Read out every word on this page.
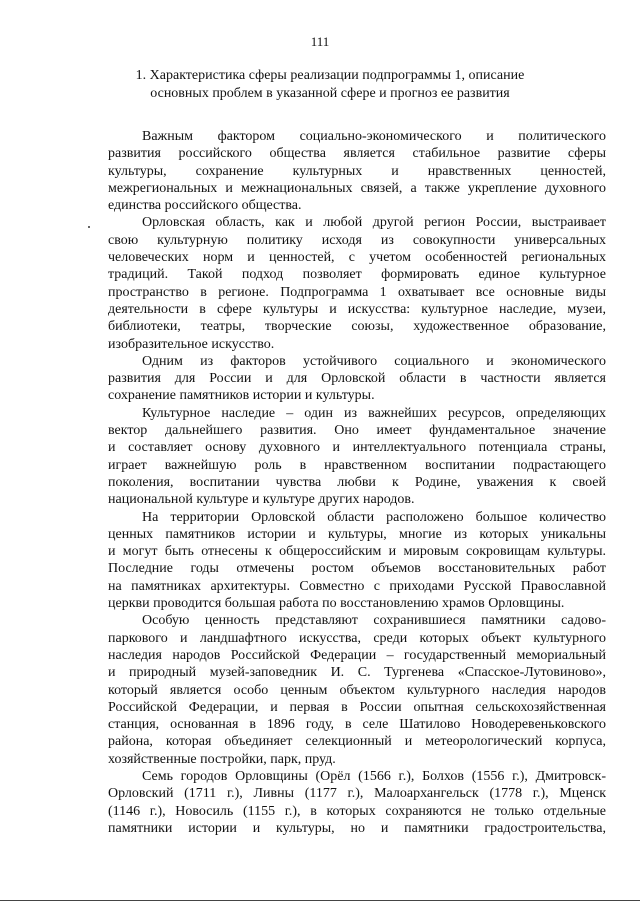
111
1. Характеристика сферы реализации подпрограммы 1, описание
основных проблем в указанной сфере и прогноз ее развития
Важным фактором социально-экономического и политического
развития российского общества является стабильное развитие сферы
культуры, сохранение культурных и нравственных ценностей,
межрегиональных и межнациональных связей, а также укрепление духовного
единства российского общества.
Орловская область, как и любой другой регион России, выстраивает
свою культурную политику исходя из совокупности универсальных
человеческих норм и ценностей, с учетом особенностей региональных
традиций. Такой подход позволяет формировать единое культурное
пространство в регионе. Подпрограмма 1 охватывает все основные виды
деятельности в сфере культуры и искусства: культурное наследие, музеи,
библиотеки, театры, творческие союзы, художественное образование,
изобразительное искусство.
Одним из факторов устойчивого социального и экономического
развития для России и для Орловской области в частности является
сохранение памятников истории и культуры.
Культурное наследие – один из важнейших ресурсов, определяющих
вектор дальнейшего развития. Оно имеет фундаментальное значение
и составляет основу духовного и интеллектуального потенциала страны,
играет важнейшую роль в нравственном воспитании подрастающего
поколения, воспитании чувства любви к Родине, уважения к своей
национальной культуре и культуре других народов.
На территории Орловской области расположено большое количество
ценных памятников истории и культуры, многие из которых уникальны
и могут быть отнесены к общероссийским и мировым сокровищам культуры.
Последние годы отмечены ростом объемов восстановительных работ
на памятниках архитектуры. Совместно с приходами Русской Православной
церкви проводится большая работа по восстановлению храмов Орловщины.
Особую ценность представляют сохранившиеся памятники садово-
паркового и ландшафтного искусства, среди которых объект культурного
наследия народов Российской Федерации – государственный мемориальный
и природный музей-заповедник И. С. Тургенева «Спасское-Лутовиново»,
который является особо ценным объектом культурного наследия народов
Российской Федерации, и первая в России опытная сельскохозяйственная
станция, основанная в 1896 году, в селе Шатилово Новодеревеньковского
района, которая объединяет селекционный и метеорологический корпуса,
хозяйственные постройки, парк, пруд.
Семь городов Орловщины (Орёл (1566 г.), Болхов (1556 г.), Дмитровск-
Орловский (1711 г.), Ливны (1177 г.), Малоархангельск (1778 г.), Мценск
(1146 г.), Новосиль (1155 г.), в которых сохраняются не только отдельные
памятники истории и культуры, но и памятники градостроительства,
